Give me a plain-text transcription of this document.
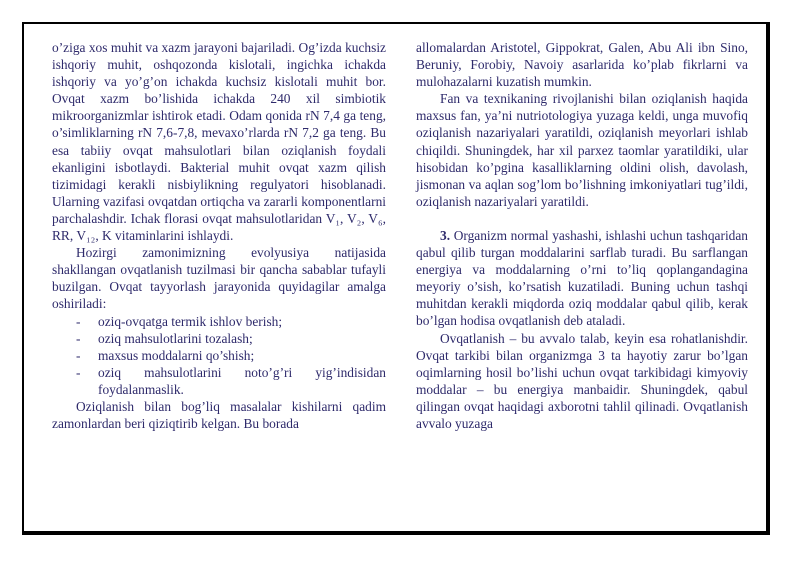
o’ziga xos muhit va xazm jarayoni bajariladi. Og’izda kuchsiz ishqoriy muhit, oshqozonda kislotali, ingichka ichakda ishqoriy va yo’g’on ichakda kuchsiz kislotali muhit bor. Ovqat xazm bo’lishida ichakda 240 xil simbiotik mikroorganizmlar ishtirok etadi. Odam qonida rN 7,4 ga teng, o’simliklarning rN 7,6-7,8, mevaxo’rlarda rN 7,2 ga teng. Bu esa tabiiy ovqat mahsulotlari bilan oziqlanish foydali ekanligini isbotlaydi. Bakterial muhit ovqat xazm qilish tizimidagi kerakli nisbiylikning regulyatori hisoblanadi. Ularning vazifasi ovqatdan ortiqcha va zararli komponentlarni parchalashdir. Ichak florasi ovqat mahsulotlaridan V₁, V₂, V₆, RR, V₁₂, K vitaminlarini ishlaydi.

Hozirgi zamonimizning evolyusiya natijasida shakllangan ovqatlanish tuzilmasi bir qancha sabablar tufayli buzilgan. Ovqat tayyorlash jarayonida quyidagilar amalga oshiriladi:

- oziq-ovqatga termik ishlov berish;
- oziq mahsulotlarini tozalash;
- maxsus moddalarni qo’shish;
- oziq mahsulotlarini noto’g’ri yig’indisidan foydalanmaslik.

Oziqlanish bilan bog’liq masalalar kishilarni qadim zamonlardan beri qiziqtirib kelgan. Bu borada

allomalardan Aristotel, Gippokrat, Galen, Abu Ali ibn Sino, Beruniy, Forobiy, Navoiy asarlarida ko’plab fikrlarni va mulohazalarni kuzatish mumkin.

Fan va texnikaning rivojlanishi bilan oziqlanish haqida maxsus fan, ya’ni nutriotologiya yuzaga keldi, unga muvofiq oziqlanish nazariyalari yaratildi, oziqlanish meyorlari ishlab chiqildi. Shuningdek, har xil parxez taomlar yaratildiki, ular hisobidan ko’pgina kasalliklarning oldini olish, davolash, jismonan va aqlan sog’lom bo’lishning imkoniyatlari tug’ildi, oziqlanish nazariyalari yaratildi.

3. Organizm normal yashashi, ishlashi uchun tashqaridan qabul qilib turgan moddalarini sarflab turadi. Bu sarflangan energiya va moddalarning o’rni to’liq qoplangandagina meyoriy o’sish, ko’rsatish kuzatiladi. Buning uchun tashqi muhitdan kerakli miqdorda oziq moddalar qabul qilib, kerak bo’lgan hodisa ovqatlanish deb ataladi.

Ovqatlanish – bu avvalo talab, keyin esa rohatlanishdir. Ovqat tarkibi bilan organizmga 3 ta hayotiy zarur bo’lgan oqimlarning hosil bo’lishi uchun ovqat tarkibidagi kimyoviy moddalar – bu energiya manbaidir. Shuningdek, qabul qilingan ovqat haqidagi axborotni tahlil qilinadi. Ovqatlanish avvalo yuzaga
